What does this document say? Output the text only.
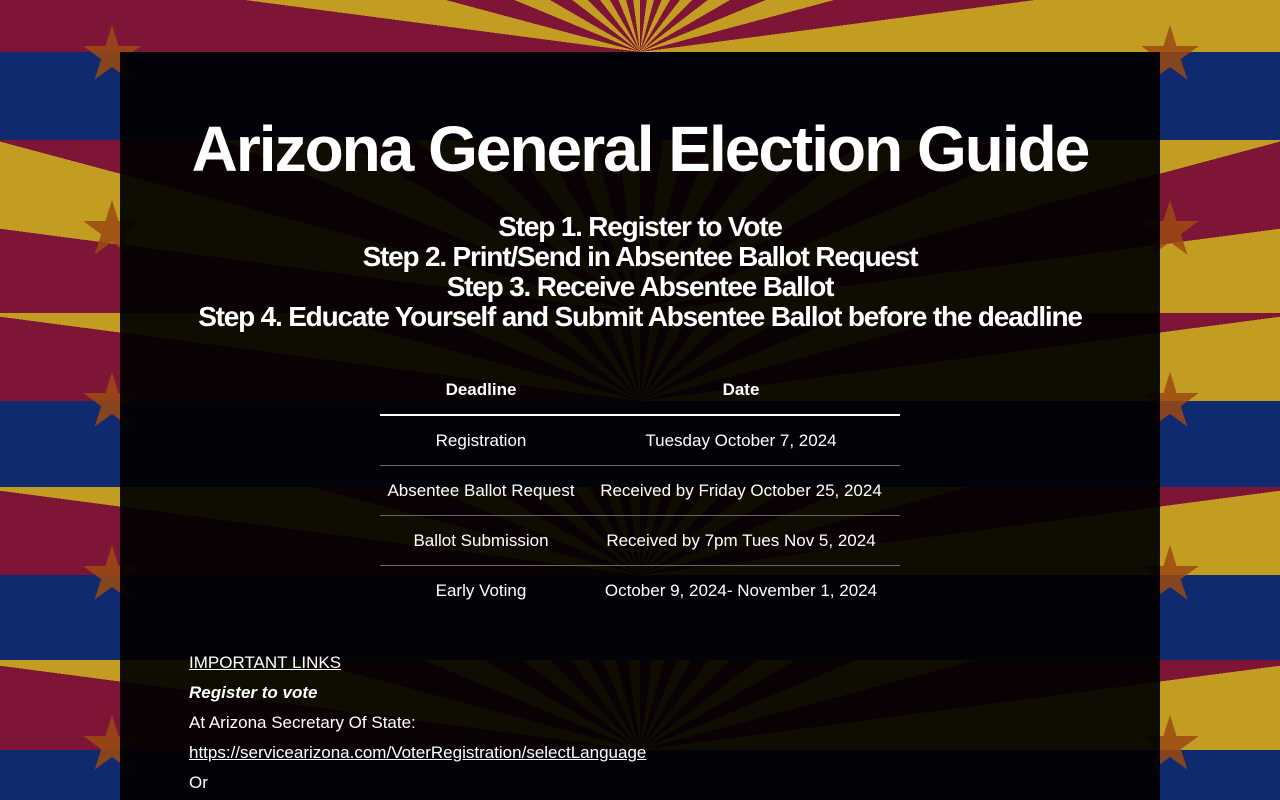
Arizona General Election Guide

Step 1. Register to Vote

Step 2. Print/Send in Absentee Ballot Request

Step 3. Receive Absentee Ballot

Step 4. Educate Yourself and Submit Absentee Ballot before the deadline

Deadline	Date
Registration	Tuesday October 7, 2024
Absentee Ballot Request	Received by Friday October 25, 2024
Ballot Submission	Received by 7pm Tues Nov 5, 2024
Early Voting	October 9, 2024- November 1, 2024
IMPORTANT LINKS
Register to vote
At Arizona Secretary Of State:
https://servicearizona.com/VoterRegistration/selectLanguage
Or
